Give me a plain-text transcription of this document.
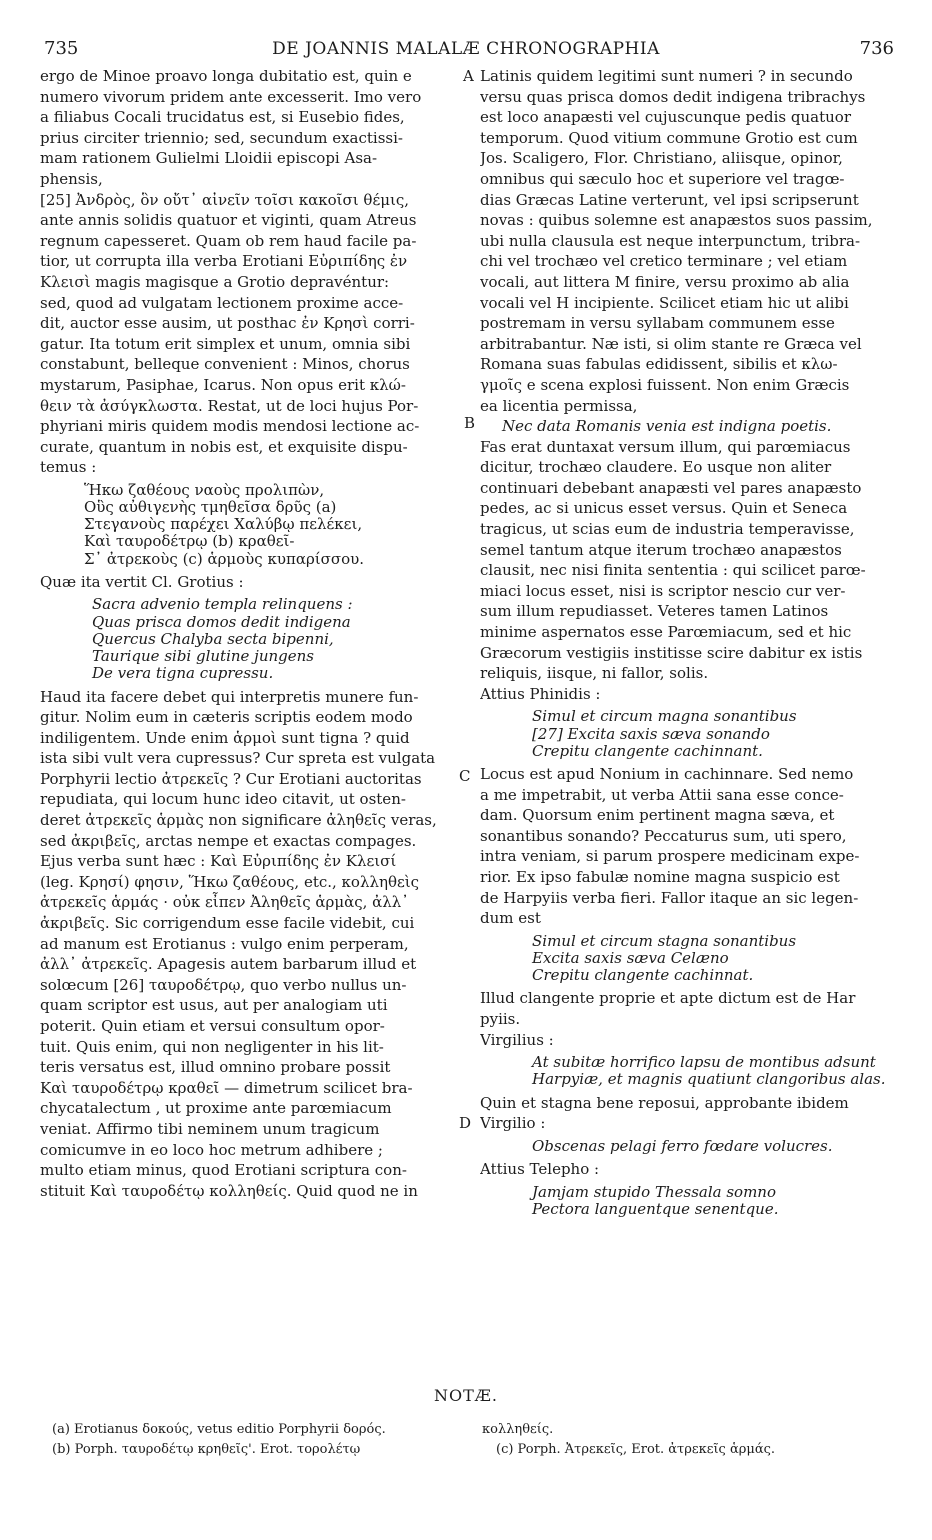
735	DE JOANNIS MALALÆ CHRONOGRAPHIA	736
ergo de Minoe proavo longa dubitatio est, quin e
numero vivorum pridem ante excesserit. Imo vero
a filiabus Cocali trucidatus est, si Eusebio fides,
prius circiter triennio; sed, secundum exactissi-
mam rationem Gulielmi Lloidii episcopi Asa-
phensis,
[25] Ἀνδρὸς, ὃν οὔτ᾿ αἰνεῖν τοῖσι κακοῖσι θέμις,
ante annis solidis quatuor et viginti, quam Atreus
regnum capesseret. Quam ob rem haud facile pa-
tior, ut corrupta illa verba Erotiani Εὐριπίδης ἐν
Κλεισὶ magis magisque a Grotio depravéntur:
sed, quod ad vulgatam lectionem proxime acce-
dit, auctor esse ausim, ut posthac ἐν Κρησὶ corri-
gatur. Ita totum erit simplex et unum, omnia sibi
constabunt, belleque convenient : Minos, chorus
mystarum, Pasiphae, Icarus. Non opus erit κλώ-
θειν τὰ ἀσύγκλωστα. Restat, ut de loci hujus Por-
phyriani miris quidem modis mendosi lectione ac-
curate, quantum in nobis est, et exquisite dispu-
temus :
Ἥκω ζαθέους ναοὺς προλιπὼν,
Οὓς αὐθιγενὴς τμηθεῖσα δρῦς (a)
Στεγανοὺς παρέχει Χαλύβῳ πελέκει,
Καὶ ταυροδέτρῳ (b) κραθεῖ-
Σ᾿ ἀτρεκοὺς (c) ἁρμοὺς κυπαρίσσου.
Quæ ita vertit Cl. Grotius :
Sacra advenio templa relinquens :
Quas prisca domos dedit indigena
Quercus Chalyba secta bipenni,
Taurique sibi glutine jungens
De vera tigna cupressu.
Haud ita facere debet qui interpretis munere fun-
gitur. Nolim eum in cæteris scriptis eodem modo
indiligentem. Unde enim ἁρμοὶ sunt tigna ? quid
ista sibi vult vera cupressus? Cur spreta est vulgata
Porphyrii lectio ἀτρεκεῖς ? Cur Erotiani auctoritas
repudiata, qui locum hunc ideo citavit, ut osten-
deret ἀτρεκεῖς ἁρμὰς non significare ἀληθεῖς veras,
sed ἀκριβεῖς, arctas nempe et exactas compages.
Ejus verba sunt hæc : Καὶ Εὐριπίδης ἐν Κλεισί
(leg. Κρησί) φησιν, Ἥκω ζαθέους, etc., κολληθεὶς
ἀτρεκεῖς ἁρμάς · οὐκ εἶπεν Ἀληθεῖς ἁρμὰς, ἀλλ᾿
ἀκριβεῖς. Sic corrigendum esse facile videbit, cui
ad manum est Erotianus : vulgo enim perperam,
ἀλλ᾿ ἀτρεκεῖς. Apagesis autem barbarum illud et
solœcum [26] ταυροδέτρῳ, quo verbo nullus un-
quam scriptor est usus, aut per analogiam uti
poterit. Quin etiam et versui consultum opor-
tuit. Quis enim, qui non negligenter in his lit-
teris versatus est, illud omnino probare possit
Καὶ ταυροδέτρῳ κραθεῖ — dimetrum scilicet bra-
chycatalectum , ut proxime ante parœmiacum
veniat. Affirmo tibi neminem unum tragicum
comicumve in eo loco hoc metrum adhibere ;
multo etiam minus, quod Erotiani scriptura con-
stituit Καὶ ταυροδέτῳ κολληθείς. Quid quod ne in
Latinis quidem legitimi sunt numeri ? in secundo
versu quas prisca domos dedit indigena tribrachys
est loco anapæsti vel cujuscunque pedis quatuor
temporum. Quod vitium commune Grotio est cum
Jos. Scaligero, Flor. Christiano, aliisque, opinor,
omnibus qui sæculo hoc et superiore vel tragœ-
dias Græcas Latine verterunt, vel ipsi scripserunt
novas : quibus solemne est anapæstos suos passim,
ubi nulla clausula est neque interpunctum, tribra-
chi vel trochæo vel cretico terminare ; vel etiam
vocali, aut littera M finire, versu proximo ab alia
vocali vel H incipiente. Scilicet etiam hic ut alibi
postremam in versu syllabam communem esse
arbitrabantur. Næ isti, si olim stante re Græca vel
Romana suas fabulas edidissent, sibilis et κλω-
γμοῖς e scena explosi fuissent. Non enim Græcis
ea licentia permissa,
Nec data Romanis venia est indigna poetis.
Fas erat duntaxat versum illum, qui parœmiacus
dicitur, trochæo claudere. Eo usque non aliter
continuari debebant anapæsti vel pares anapæsto
pedes, ac si unicus esset versus. Quin et Seneca
tragicus, ut scias eum de industria temperavisse,
semel tantum atque iterum trochæo anapæstos
clausit, nec nisi finita sententia : qui scilicet parœ-
miaci locus esset, nisi is scriptor nescio cur ver-
sum illum repudiasset. Veteres tamen Latinos
minime aspernatos esse Parœmiacum, sed et hic
Græcorum vestigiis institisse scire dabitur ex istis
reliquis, iisque, ni fallor, solis.
Attius Phinidis :
Simul et circum magna sonantibus
[27] Excita saxis sæva sonando
Crepitu clangente cachinnant.
Locus est apud Nonium in cachinnare. Sed nemo
a me impetrabit, ut verba Attii sana esse conce-
dam. Quorsum enim pertinent magna sæva, et
sonantibus sonando? Peccaturus sum, uti spero,
intra veniam, si parum prospere medicinam expe-
rior. Ex ipso fabulæ nomine magna suspicio est
de Harpyiis verba fieri. Fallor itaque an sic legen-
dum est
Simul et circum stagna sonantibus
Excita saxis sæva Celæno
Crepitu clangente cachinnat.
Illud clangente proprie et apte dictum est de Har
pyiis.
Virgilius :
At subitæ horrifico lapsu de montibus adsunt
Harpyiæ, et magnis quatiunt clangoribus alas.
Quin et stagna bene reposui, approbante ibidem
Virgilio :
Obscenas pelagi ferro fœdare volucres.
Attius Telepho :
Jamjam stupido Thessala somno
Pectora languentque senentque.
A
B
C
D
NOTÆ.
(a) Erotianus δοκούς, vetus editio Porphyrii δορός.
(b) Porph. ταυροδέτῳ κρηθεῖς'. Erot. τορολέτῳ
κολληθείς.
(c) Porph. Ἀτρεκεῖς, Erot. ἀτρεκεῖς ἁρμάς.
